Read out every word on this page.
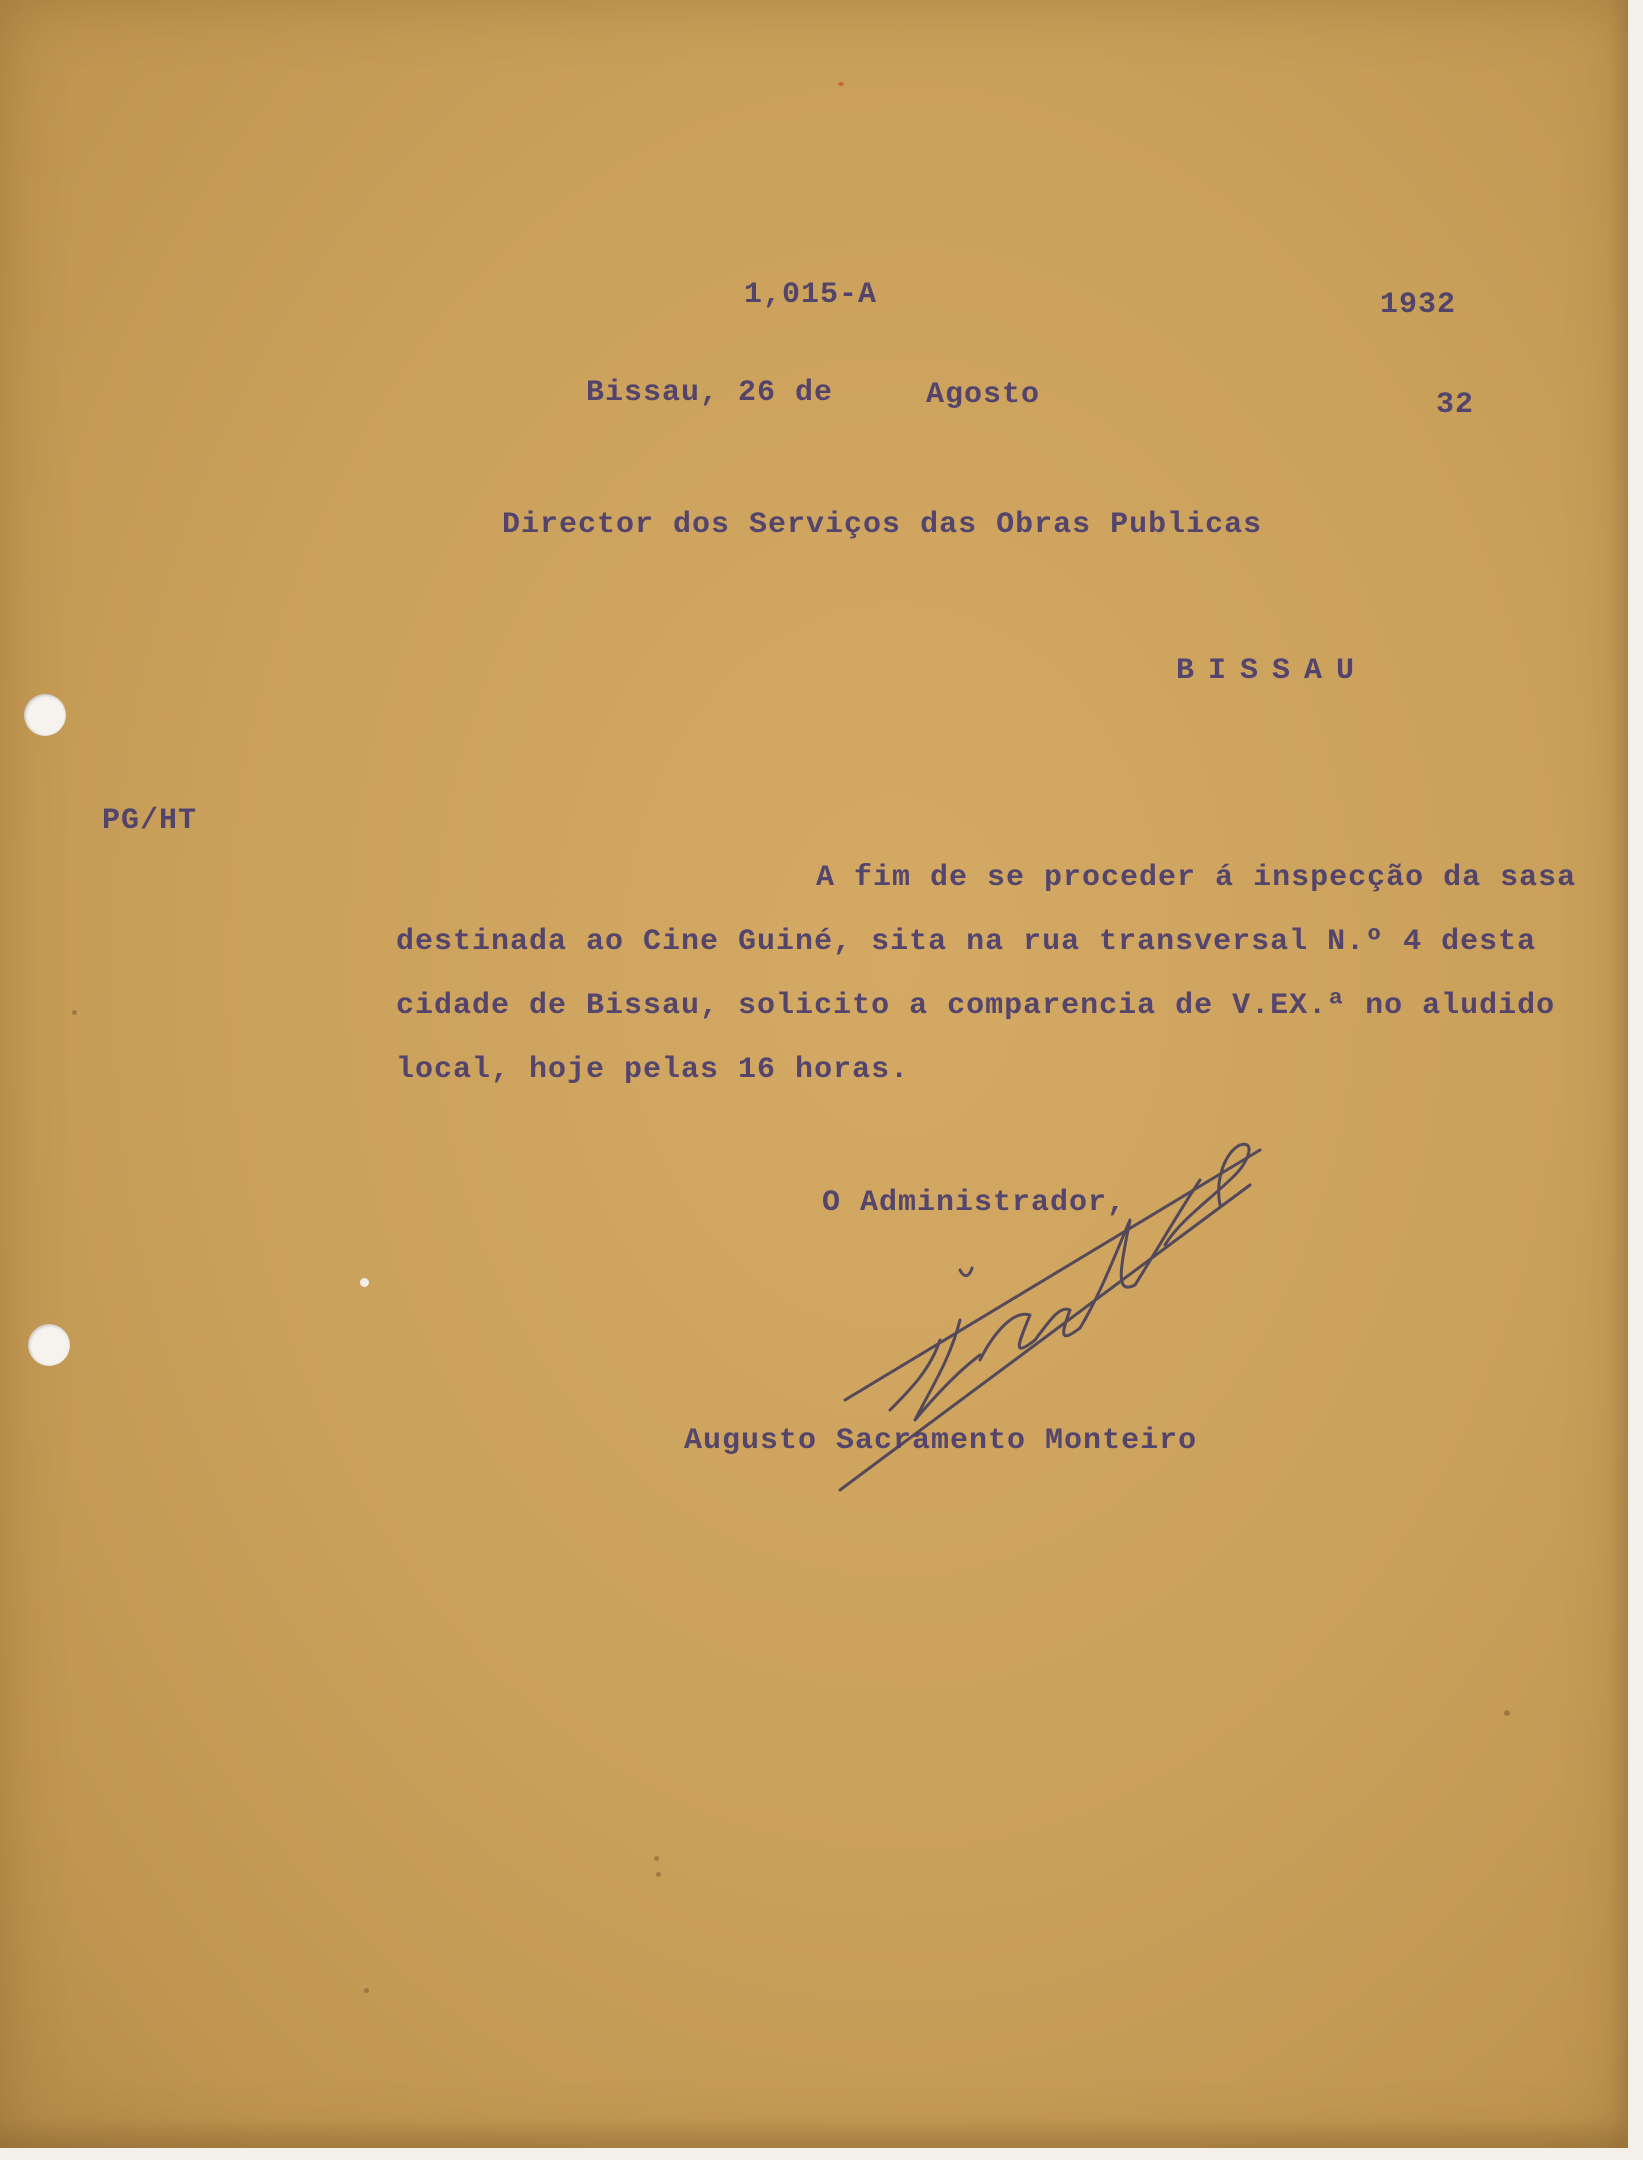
1,015-A	1932
Bissau, 26 de	Agosto	32
Director dos Serviços das Obras Publicas
BISSAU
PG/HT
A fim de se proceder á inspecção da sasa
destinada ao Cine Guiné, sita na rua transversal N.º 4 desta
cidade de Bissau, solicito a comparencia de V.EX.ª no aludido
local, hoje pelas 16 horas.
O Administrador,
Augusto Sacramento Monteiro
